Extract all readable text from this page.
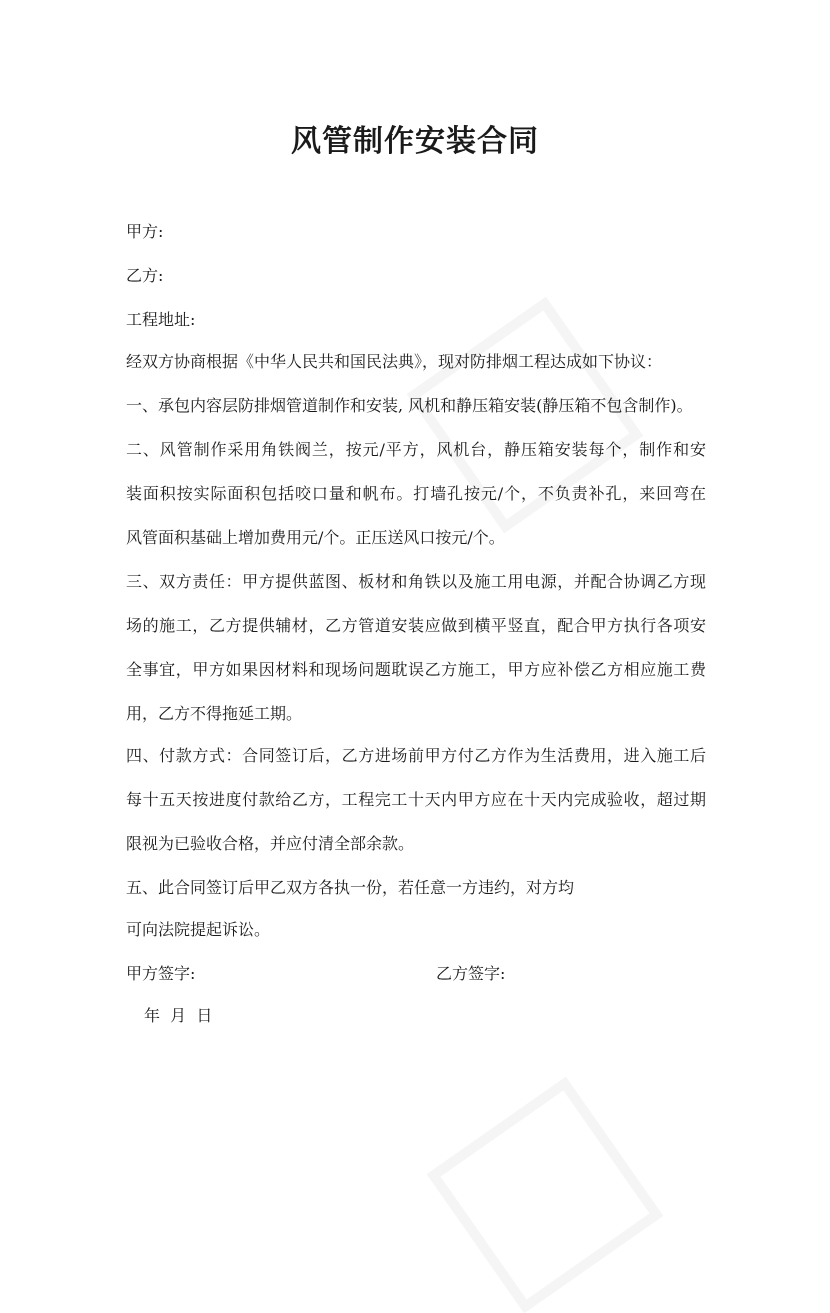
风管制作安装合同
甲方:
乙方:
工程地址:
经双方协商根据《中华人民共和国民法典》，现对防排烟工程达成如下协议：
一、承包内容层防排烟管道制作和安装, 风机和静压箱安装(静压箱不包含制作)。
二、风管制作采用角铁阀兰，按元/平方，风机台，静压箱安装每个，制作和安
装面积按实际面积包括咬口量和帆布。打墙孔按元/个，不负责补孔，来回弯在
风管面积基础上增加费用元/个。正压送风口按元/个。
三、双方责任：甲方提供蓝图、板材和角铁以及施工用电源，并配合协调乙方现
场的施工，乙方提供辅材，乙方管道安装应做到横平竖直，配合甲方执行各项安
全事宜，甲方如果因材料和现场问题耽误乙方施工，甲方应补偿乙方相应施工费
用，乙方不得拖延工期。
四、付款方式：合同签订后，乙方进场前甲方付乙方作为生活费用，进入施工后
每十五天按进度付款给乙方，工程完工十天内甲方应在十天内完成验收，超过期
限视为已验收合格，并应付清全部余款。
五、此合同签订后甲乙双方各执一份，若任意一方违约，对方均
可向法院提起诉讼。
甲方签字:	乙方签字:
年  月  日
